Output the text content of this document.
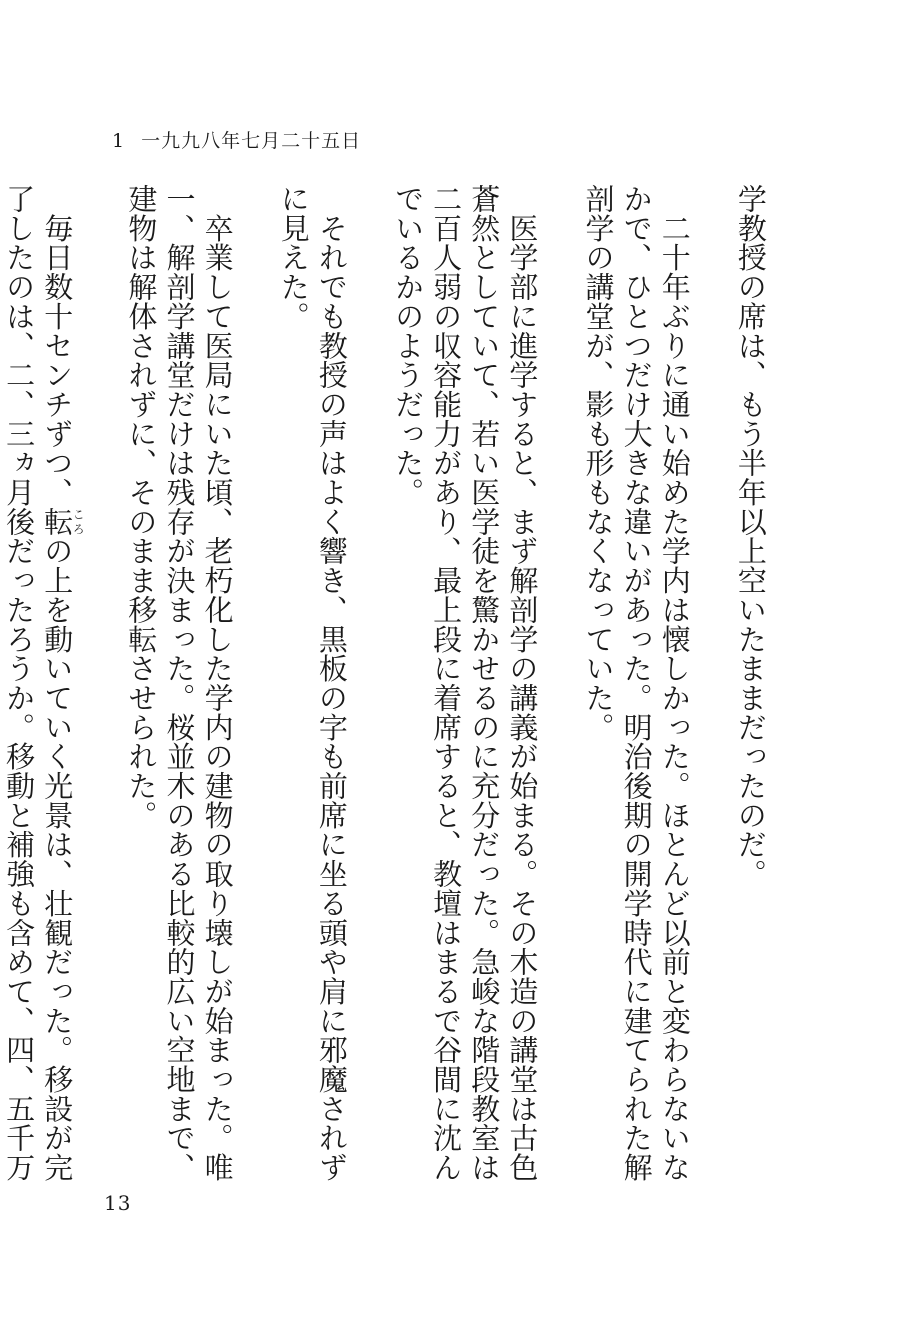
1 一九九八年七月二十五日

学教授の席は、もう半年以上空いたままだったのだ。

　二十年ぶりに通い始めた学内は懐しかった。ほとんど以前と変わらないなかで、ひとつだけ大きな違いがあった。明治後期の開学時代に建てられた解剖学の講堂が、影も形もなくなっていた。

　医学部に進学すると、まず解剖学の講義が始まる。その木造の講堂は古色蒼然としていて、若い医学徒を驚かせるのに充分だった。急峻な階段教室は二百人弱の収容能力があり、最上段に着席すると、教壇はまるで谷間に沈んでいるかのようだった。

　それでも教授の声はよく響き、黒板の字も前席に坐る頭や肩に邪魔されずに見えた。

　卒業して医局にいた頃、老朽化した学内の建物の取り壊しが始まった。唯一、解剖学講堂だけは残存が決まった。桜並木のある比較的広い空地まで、建物は解体されずに、そのまま移転させられた。

　毎日数十センチずつ、転ころの上を動いていく光景は、壮観だった。移設が完了したのは、二、三ヵ月後だったろうか。移動と補強も含めて、四、五千万

13
